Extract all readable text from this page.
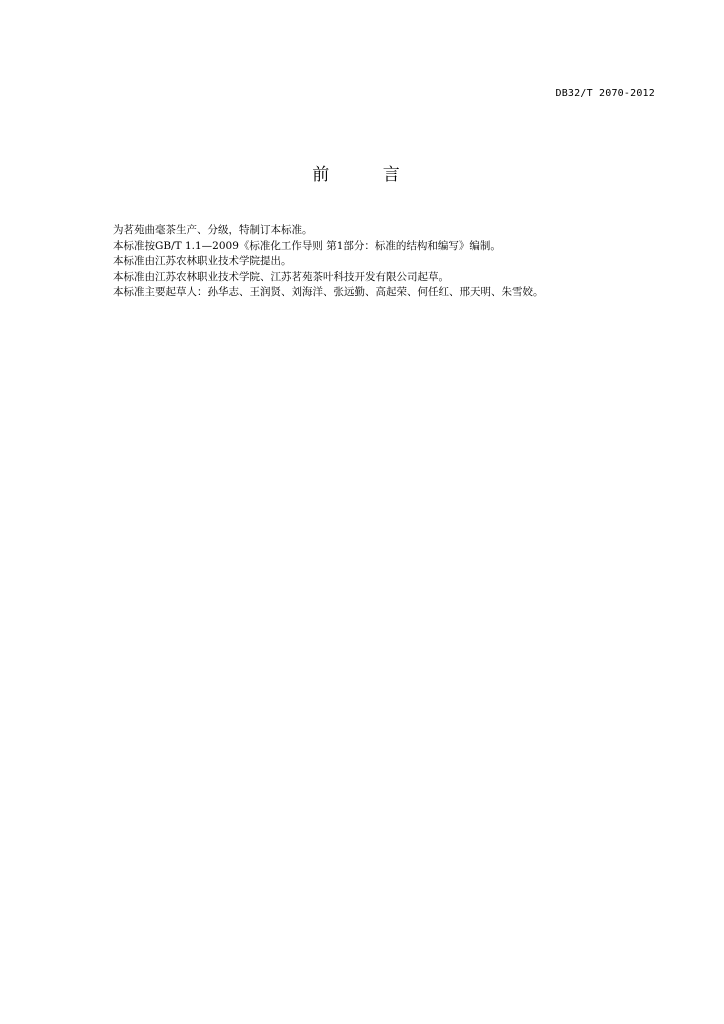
DB32/T 2070-2012
前 言
为茗苑曲毫茶生产、分级，特制订本标准。
本标准按GB/T 1.1—2009《标准化工作导则 第1部分：标准的结构和编写》编制。
本标准由江苏农林职业技术学院提出。
本标准由江苏农林职业技术学院、江苏茗苑茶叶科技开发有限公司起草。
本标准主要起草人：孙华志、王润贤、刘海洋、张远勤、高起荣、何任红、邢天明、朱雪姣。
